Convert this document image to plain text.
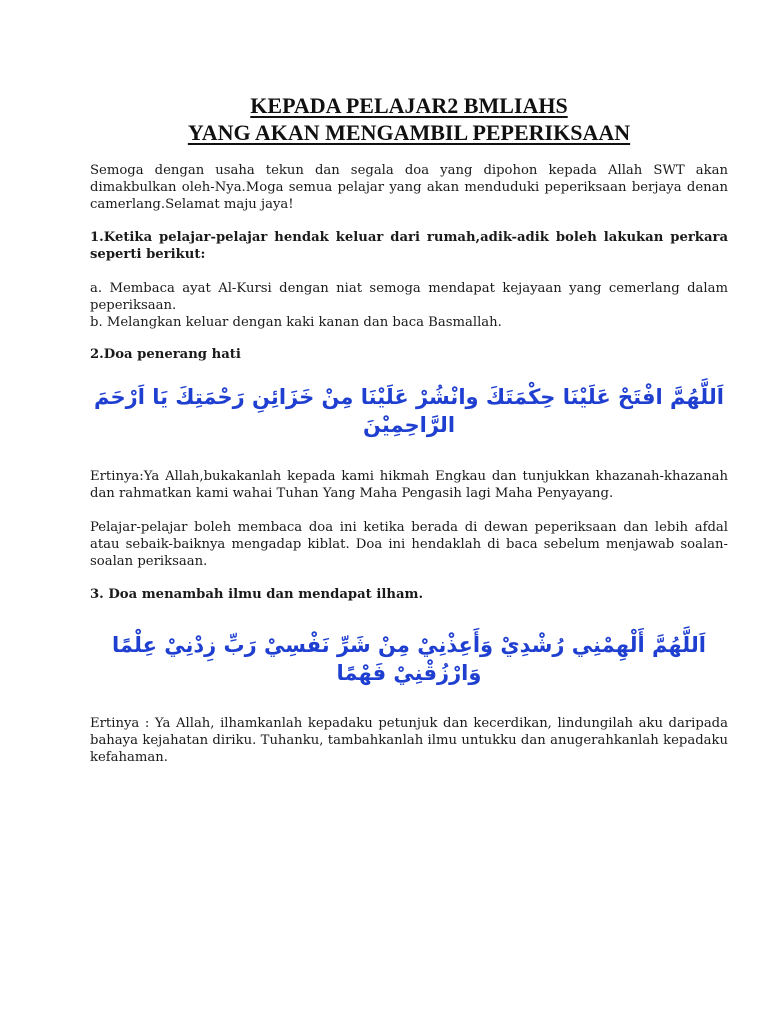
KEPADA PELAJAR2 BMLIAHS
YANG AKAN MENGAMBIL PEPERIKSAAN

Semoga dengan usaha tekun dan segala doa yang dipohon kepada Allah SWT akan dimakbulkan oleh-Nya.Moga semua pelajar yang akan menduduki peperiksaan berjaya denan camerlang.Selamat maju jaya!

1.Ketika pelajar-pelajar hendak keluar dari rumah,adik-adik boleh lakukan perkara seperti berikut:

a. Membaca ayat Al-Kursi dengan niat semoga mendapat kejayaan yang cemerlang dalam peperiksaan.

b. Melangkan keluar dengan kaki kanan dan baca Basmallah.

2.Doa penerang hati

اَللَّهُمَّ افْتَحْ عَلَيْنَا حِكْمَتَكَ وانْشُرْ عَلَيْنَا مِنْ خَزَائِنِ رَحْمَتِكَ يَا اَرْحَمَ الرَّاحِمِيْنَ

Ertinya:Ya Allah,bukakanlah kepada kami hikmah Engkau dan tunjukkan khazanah-khazanah dan rahmatkan kami wahai Tuhan Yang Maha Pengasih lagi Maha Penyayang.

Pelajar-pelajar boleh membaca doa ini ketika berada di dewan peperiksaan dan lebih afdal atau sebaik-baiknya mengadap kiblat. Doa ini hendaklah di baca sebelum menjawab soalan-soalan periksaan.

3. Doa menambah ilmu dan mendapat ilham.

اَللَّهُمَّ أَلْهِمْنِي رُشْدِيْ وَأَعِذْنِيْ مِنْ شَرِّ نَفْسِيْ رَبِّ زِدْنِيْ عِلْمًا وَارْزُقْنِيْ فَهْمًا

Ertinya : Ya Allah, ilhamkanlah kepadaku petunjuk dan kecerdikan, lindungilah aku daripada bahaya kejahatan diriku. Tuhanku, tambahkanlah ilmu untukku dan anugerahkanlah kepadaku kefahaman.
